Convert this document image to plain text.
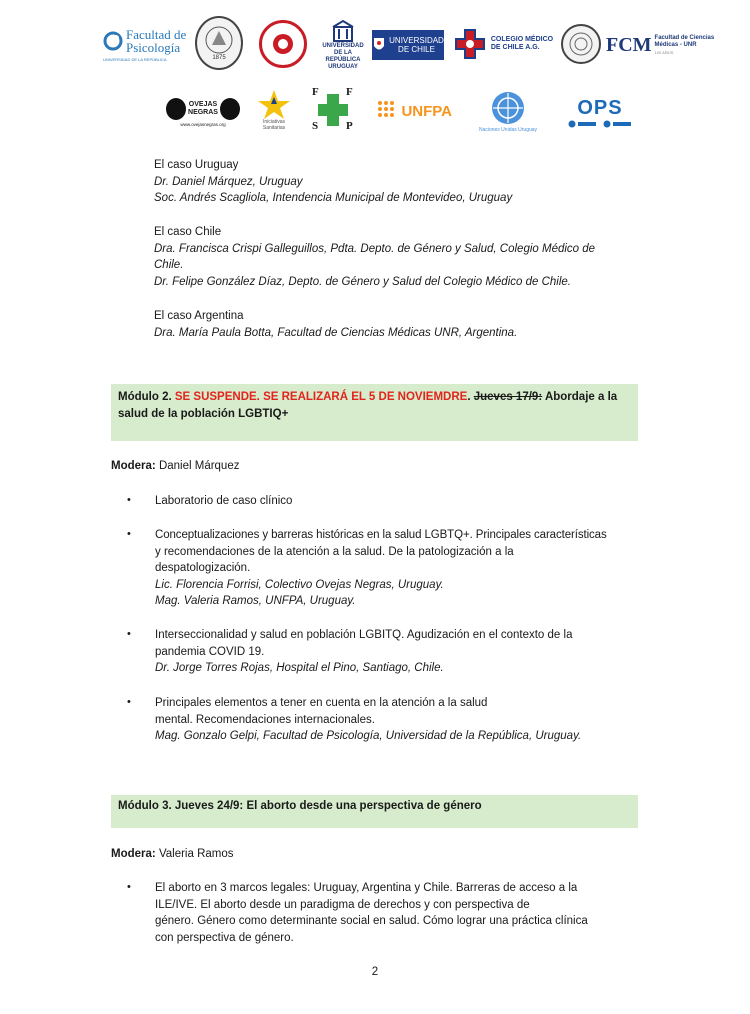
Facultad de
Psicología
UNIVERSIDAD DE LA REPÚBLICA	1875
UNIVERSIDAD
DE LA REPÚBLICA
URUGUAY
UNIVERSIDAD
DE CHILE
COLEGIO MÉDICO
DE CHILE A.G.	FCM Facultad de Ciencias
Médicas - UNR
100 AÑOS
OVEJAS NEGRAS
www.ovejasnegras.org	Iniciativas
Sanitarias
F F
S	P
UNFPA
Naciones Unidas Uruguay
OPS
El caso Uruguay
Dr. Daniel Márquez, Uruguay
Soc. Andrés Scagliola, Intendencia Municipal de Montevideo, Uruguay
El caso Chile
Dra. Francisca Crispi Galleguillos, Pdta. Depto. de Género y Salud, Colegio Médico de
Chile.
Dr. Felipe González Díaz, Depto. de Género y Salud del Colegio Médico de Chile.
El caso Argentina
Dra. María Paula Botta, Facultad de Ciencias Médicas UNR, Argentina.
Módulo 2. SE SUSPENDE. SE REALIZARÁ EL 5 DE NOVIEMDRE. Jueves 17/9: Abordaje a la
salud de la población LGBTIQ+
Modera: Daniel Márquez
• Laboratorio de caso clínico
• Conceptualizaciones y barreras históricas en la salud LGBTQ+. Principales características
y recomendaciones de la atención a la salud. De la patologización a la
despatologización.
Lic. Florencia Forrisi, Colectivo Ovejas Negras, Uruguay.
Mag. Valeria Ramos, UNFPA, Uruguay.
• Interseccionalidad y salud en población LGBITQ. Agudización en el contexto de la
pandemia COVID 19.
Dr. Jorge Torres Rojas, Hospital el Pino, Santiago, Chile.
• Principales elementos a tener en cuenta en la atención a la salud
mental. Recomendaciones internacionales.
Mag. Gonzalo Gelpi, Facultad de Psicología, Universidad de la República, Uruguay.
Módulo 3. Jueves 24/9: El aborto desde una perspectiva de género
Modera: Valeria Ramos
• El aborto en 3 marcos legales: Uruguay, Argentina y Chile. Barreras de acceso a la
ILE/IVE. El aborto desde un paradigma de derechos y con perspectiva de
género. Género como determinante social en salud. Cómo lograr una práctica clínica
con perspectiva de género.
2
